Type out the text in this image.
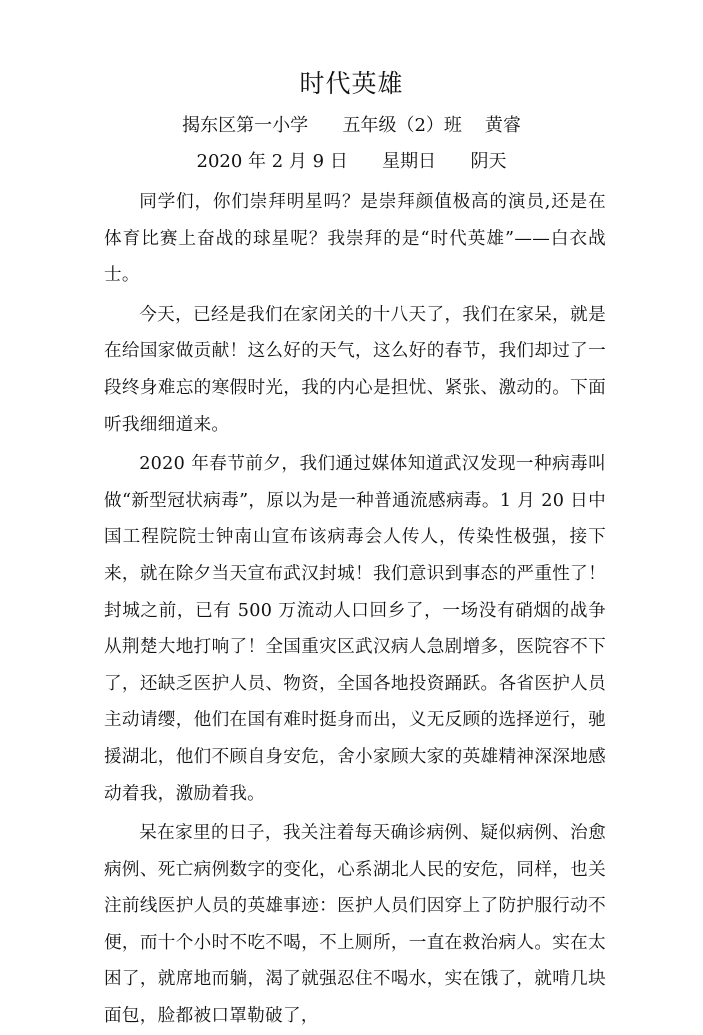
时代英雄
揭东区第一小学      五年级（2）班    黄睿
2020 年 2 月 9 日      星期日      阴天

同学们，你们崇拜明星吗？是崇拜颜值极高的演员,还是在体育比赛上奋战的球星呢？我崇拜的是“时代英雄”——白衣战士。

今天，已经是我们在家闭关的十八天了，我们在家呆，就是在给国家做贡献！这么好的天气，这么好的春节，我们却过了一段终身难忘的寒假时光，我的内心是担忧、紧张、激动的。下面听我细细道来。

2020 年春节前夕，我们通过媒体知道武汉发现一种病毒叫做“新型冠状病毒”，原以为是一种普通流感病毒。1 月 20 日中国工程院院士钟南山宣布该病毒会人传人，传染性极强，接下来，就在除夕当天宣布武汉封城！我们意识到事态的严重性了！封城之前，已有 500 万流动人口回乡了，一场没有硝烟的战争从荆楚大地打响了！全国重灾区武汉病人急剧增多，医院容不下了，还缺乏医护人员、物资，全国各地投资踊跃。各省医护人员主动请缨，他们在国有难时挺身而出，义无反顾的选择逆行，驰援湖北，他们不顾自身安危，舍小家顾大家的英雄精神深深地感动着我，激励着我。

呆在家里的日子，我关注着每天确诊病例、疑似病例、治愈病例、死亡病例数字的变化，心系湖北人民的安危，同样，也关注前线医护人员的英雄事迹：医护人员们因穿上了防护服行动不便，而十个小时不吃不喝，不上厕所，一直在救治病人。实在太困了，就席地而躺，渴了就强忍住不喝水，实在饿了，就啃几块面包，脸都被口罩勒破了，
